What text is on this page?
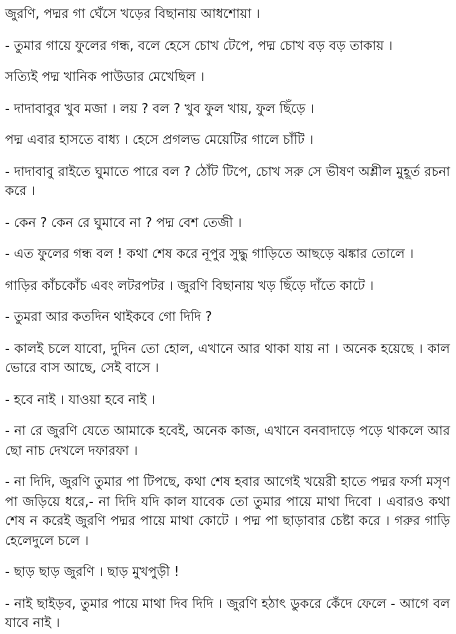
জুরণি, পদ্মর গা ঘেঁসে খড়ের বিছানায় আধশোয়া ।

- তুমার গায়ে ফুলের গন্ধ, বলে হেসে চোখ টেপে, পদ্ম চোখ বড় বড় তাকায় ।

সত্যিই পদ্ম খানিক পাউডার মেখেছিল ।

- দাদাবাবুর খুব মজা । লয় ? বল ? খুব ফুল খায়, ফুল ছিঁড়ে ।

পদ্ম এবার হাসতে বাধ্য । হেসে প্রগলভ মেয়েটির গালে চাঁটি ।

- দাদাবাবু রাইতে ঘুমাতে পারে বল ? ঠোঁট টিপে, চোখ সরু সে ভীষণ অশ্লীল মুহূর্ত রচনা করে ।

- কেন ? কেন রে ঘুমাবে না ? পদ্ম বেশ তেজী ।

- এত ফুলের গন্ধ বল ! কথা শেষ করে নূপুর সুদ্ধু গাড়িতে আছড়ে ঝঙ্কার তোলে ।

গাড়ির কাঁচকোঁচ এবং লটরপটর । জুরণি বিছানায় খড় ছিঁড়ে দাঁতে কাটে ।

- তুমরা আর কতদিন থাইকবে গো দিদি ?

- কালই চলে যাবো, দুদিন তো হোল, এখানে আর থাকা যায় না । অনেক হয়েছে । কাল ভোরে বাস আছে, সেই বাসে ।

- হবে নাই । যাওয়া হবে নাই ।

- না রে জুরণি যেতে আমাকে হবেই, অনেক কাজ, এখানে বনবাদাড়ে পড়ে থাকলে আর ছো নাচ দেখলে দফারফা ।

- না দিদি, জুরণি তুমার পা টিপছে, কথা শেষ হবার আগেই খয়েরী হাতে পদ্মর ফর্সা মসৃণ পা জড়িয়ে ধরে,- না দিদি যদি কাল যাবেক তো তুমার পায়ে মাথা দিবো । এবারও কথা শেষ ন করেই জুরণি পদ্মর পায়ে মাথা কোটে । পদ্ম পা ছাড়াবার চেষ্টা করে । গরুর গাড়ি হেলেদুলে চলে ।

- ছাড় ছাড় জুরণি । ছাড় মুখপুড়ী !

- নাই ছাইড়ব, তুমার পায়ে মাথা দিব দিদি । জুরণি হঠাৎ ডুকরে কেঁদে ফেলে - আগে বল যাবে নাই ।
